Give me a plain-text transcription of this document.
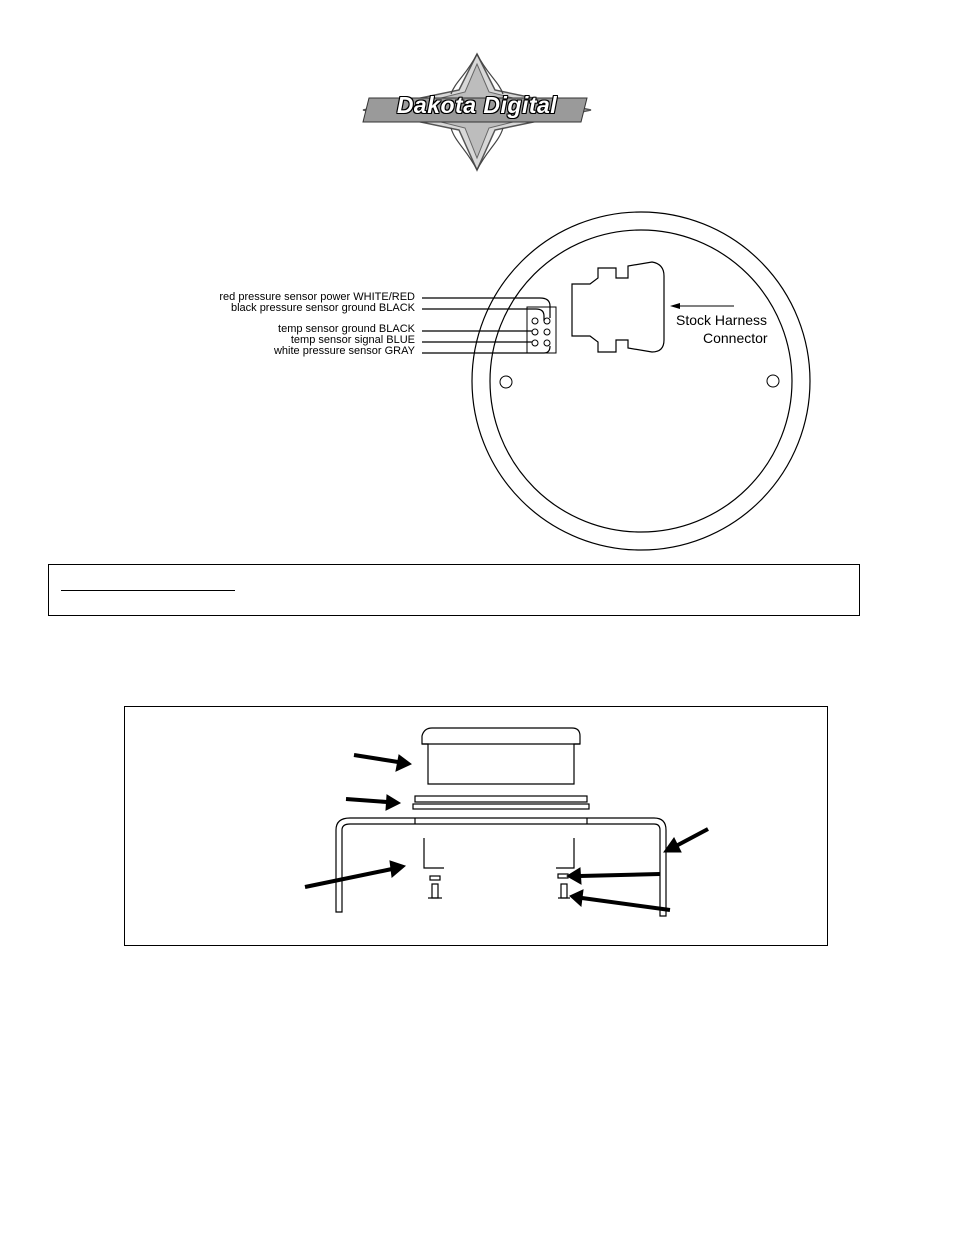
Dakota Digital
red pressure sensor power WHITE/RED
black pressure sensor ground BLACK
temp sensor ground BLACK
temp sensor signal BLUE
white pressure sensor GRAY
Stock Harness
Connector
